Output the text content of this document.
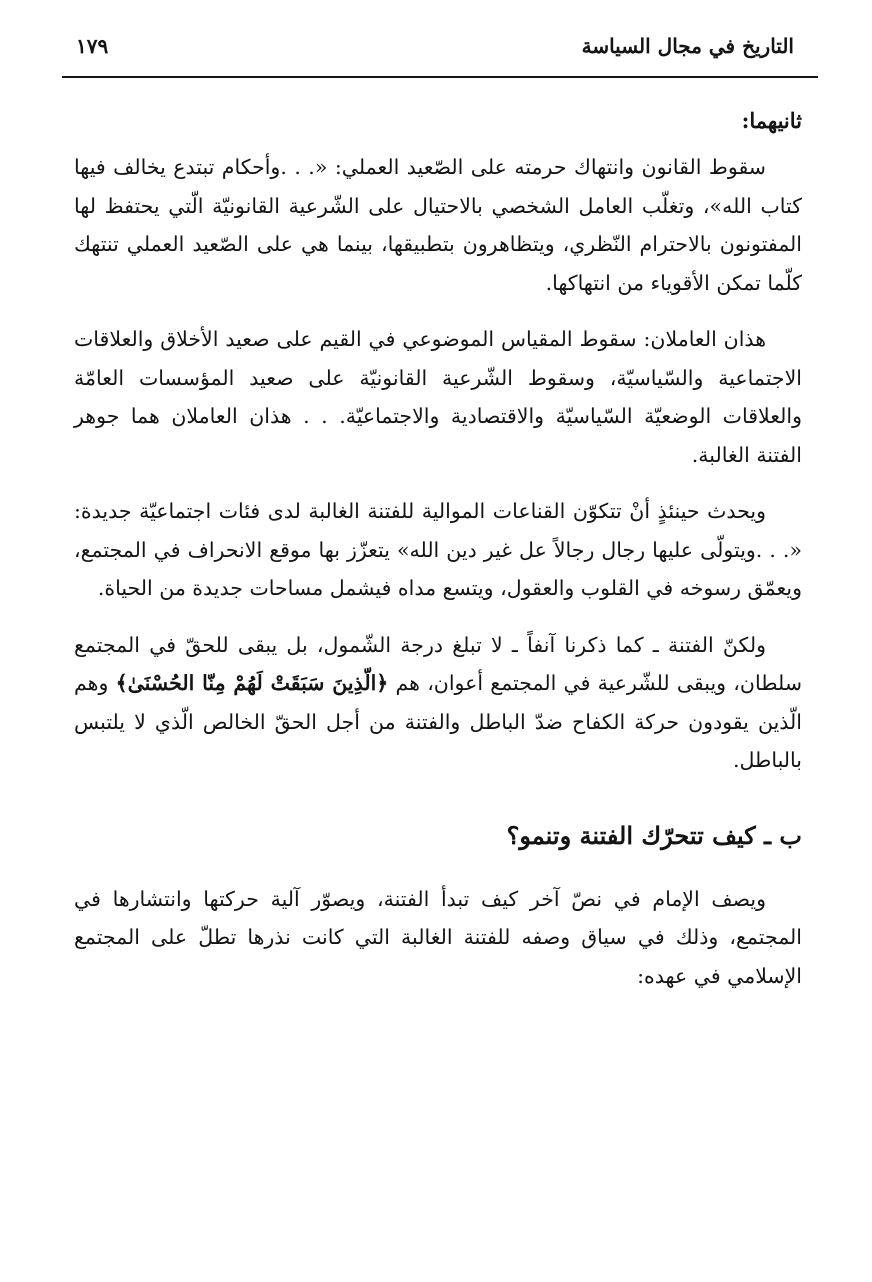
التاريخ في مجال السياسة
١٧٩
ثانيهما:

سقوط القانون وانتهاك حرمته على الصّعيد العملي: «. . .وأحكام تبتدع يخالف فيها كتاب الله»، وتغلّب العامل الشخصي بالاحتيال على الشّرعية القانونيّة الّتي يحتفظ لها المفتونون بالاحترام النّظري، ويتظاهرون بتطبيقها، بينما هي على الصّعيد العملي تنتهك كلّما تمكن الأقوياء من انتهاكها.

هذان العاملان: سقوط المقياس الموضوعي في القيم على صعيد الأخلاق والعلاقات الاجتماعية والسّياسيّة، وسقوط الشّرعية القانونيّة على صعيد المؤسسات العامّة والعلاقات الوضعيّة السّياسيّة والاقتصادية والاجتماعيّة. . . هذان العاملان هما جوهر الفتنة الغالبة.

ويحدث حينئذٍ أنْ تتكوّن القناعات الموالية للفتنة الغالبة لدى فئات اجتماعيّة جديدة: «. . .ويتولّى عليها رجال رجالاً عل غير دين الله» يتعزّز بها موقع الانحراف في المجتمع، ويعمّق رسوخه في القلوب والعقول، ويتسع مداه فيشمل مساحات جديدة من الحياة.

ولكنّ الفتنة ـ كما ذكرنا آنفاً ـ لا تبلغ درجة الشّمول، بل يبقى للحقّ في المجتمع سلطان، ويبقى للشّرعية في المجتمع أعوان، هم ﴿الّذِينَ سَبَقَتْ لَهُمْ مِنّا الحُسْنَىٰ﴾ وهم الّذين يقودون حركة الكفاح ضدّ الباطل والفتنة من أجل الحقّ الخالص الّذي لا يلتبس بالباطل.

ب ـ كيف تتحرّك الفتنة وتنمو؟

ويصف الإمام في نصّ آخر كيف تبدأ الفتنة، ويصوّر آلية حركتها وانتشارها في المجتمع، وذلك في سياق وصفه للفتنة الغالبة التي كانت نذرها تطلّ على المجتمع الإسلامي في عهده:
